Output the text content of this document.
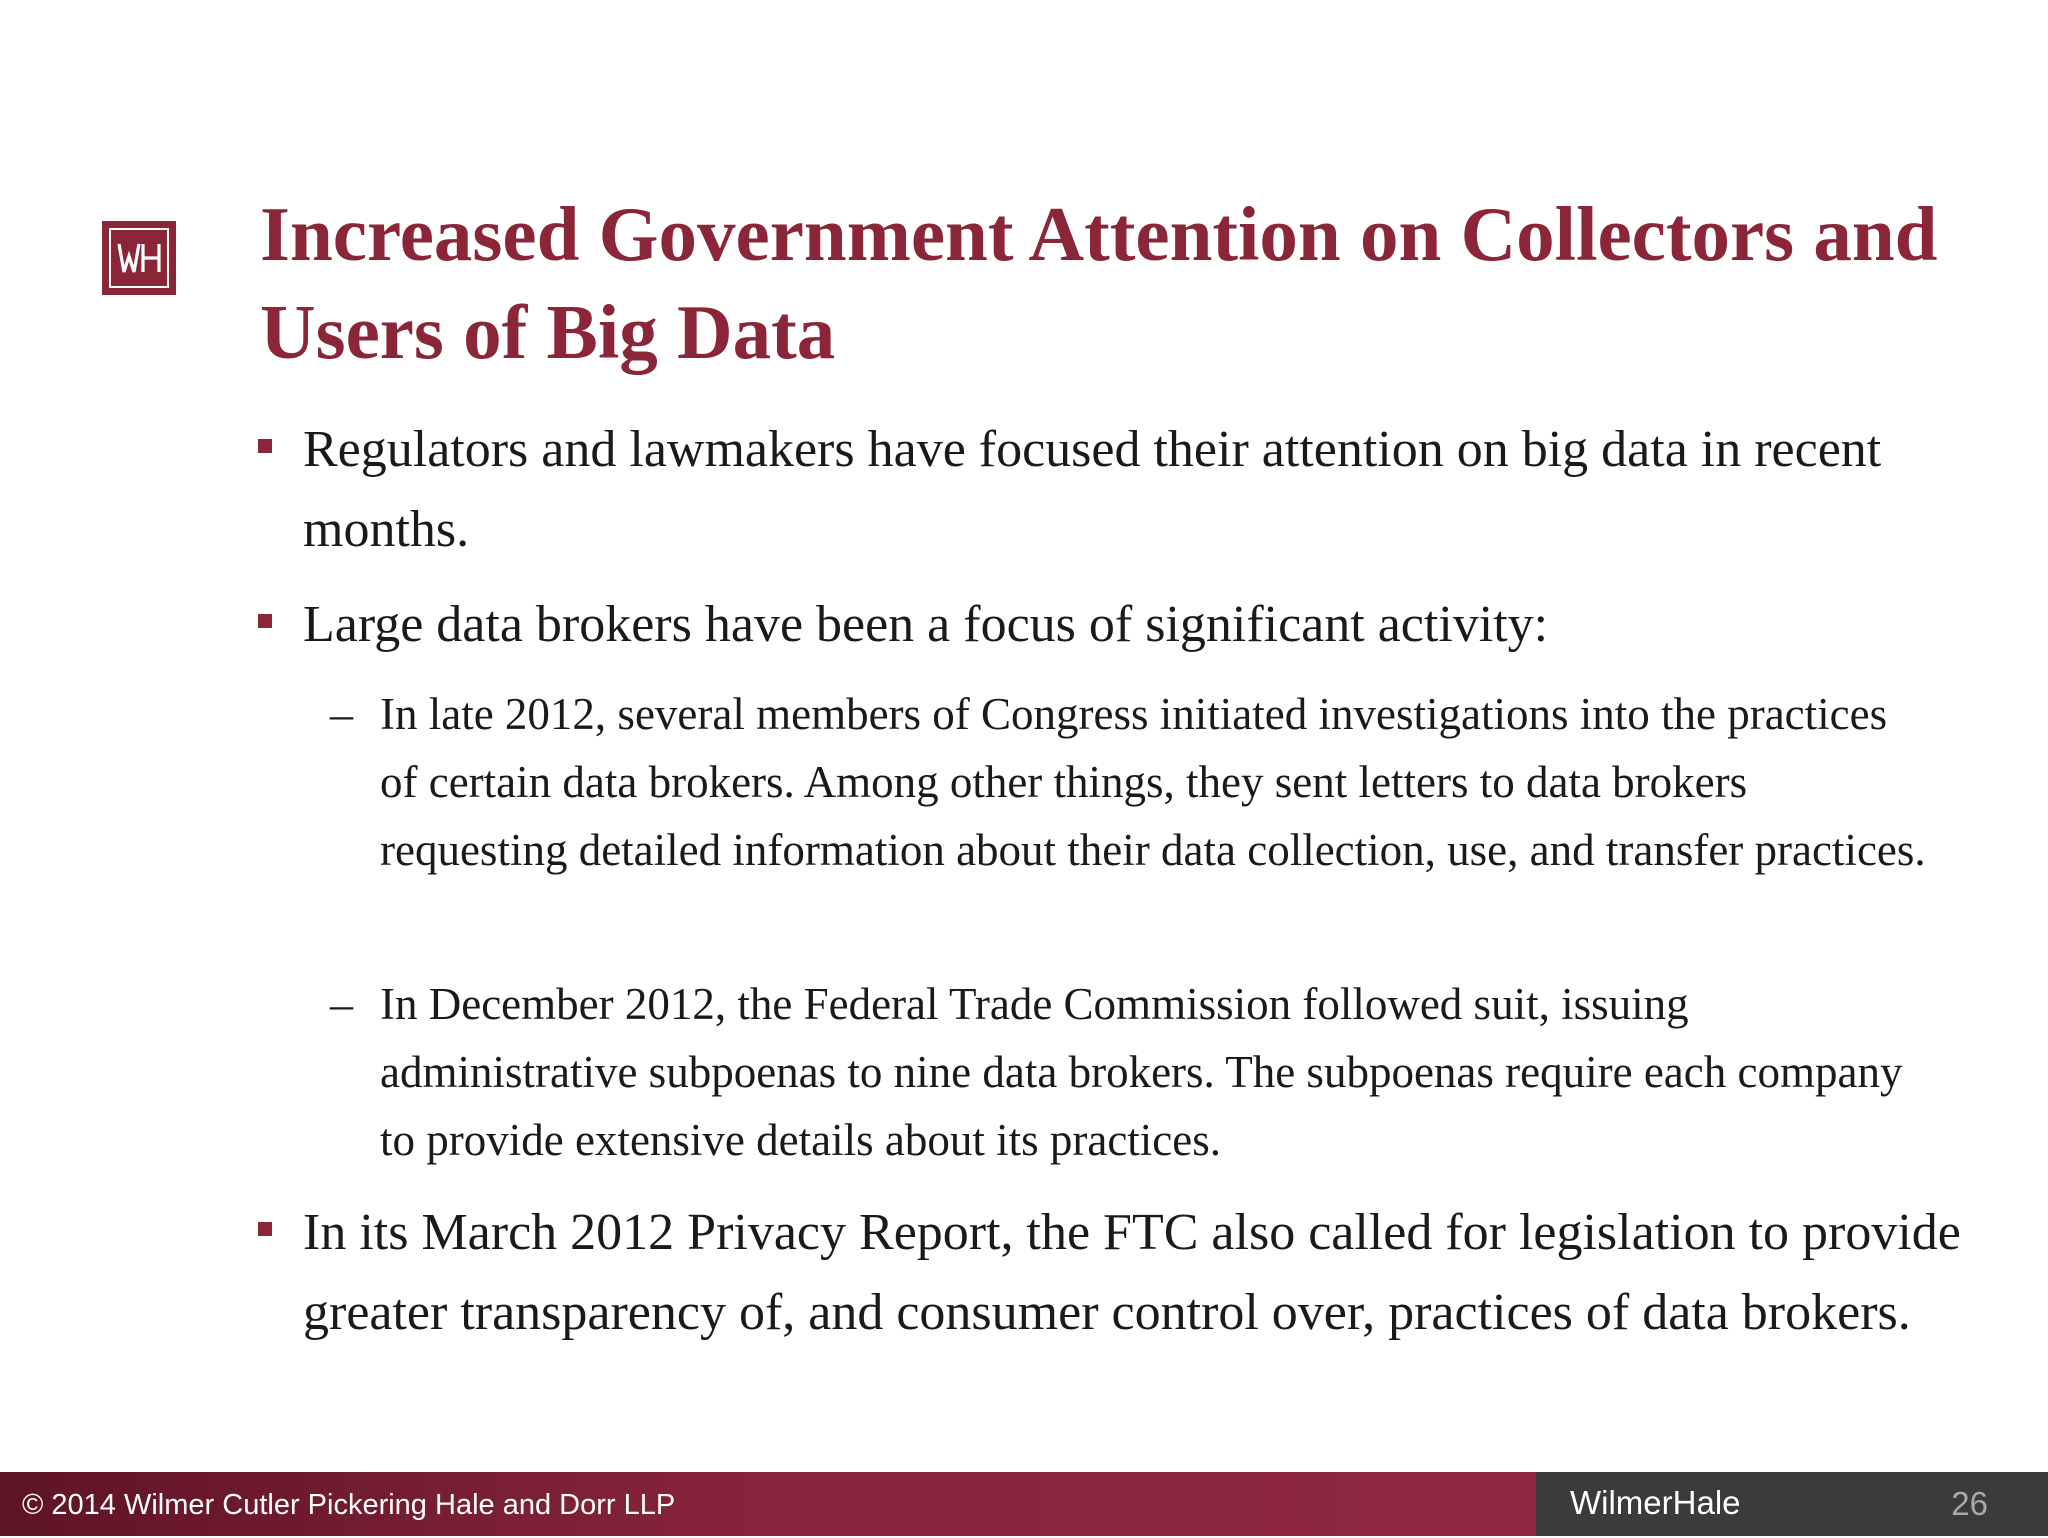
Increased Government Attention on Collectors and Users of Big Data
Regulators and lawmakers have focused their attention on big data in recent months.
Large data brokers have been a focus of significant activity:
– In late 2012, several members of Congress initiated investigations into the practices of certain data brokers. Among other things, they sent letters to data brokers requesting detailed information about their data collection, use, and transfer practices.
– In December 2012, the Federal Trade Commission followed suit, issuing administrative subpoenas to nine data brokers. The subpoenas require each company to provide extensive details about its practices.
In its March 2012 Privacy Report, the FTC also called for legislation to provide greater transparency of, and consumer control over, practices of data brokers.
© 2014 Wilmer Cutler Pickering Hale and Dorr LLP	WilmerHale	26
